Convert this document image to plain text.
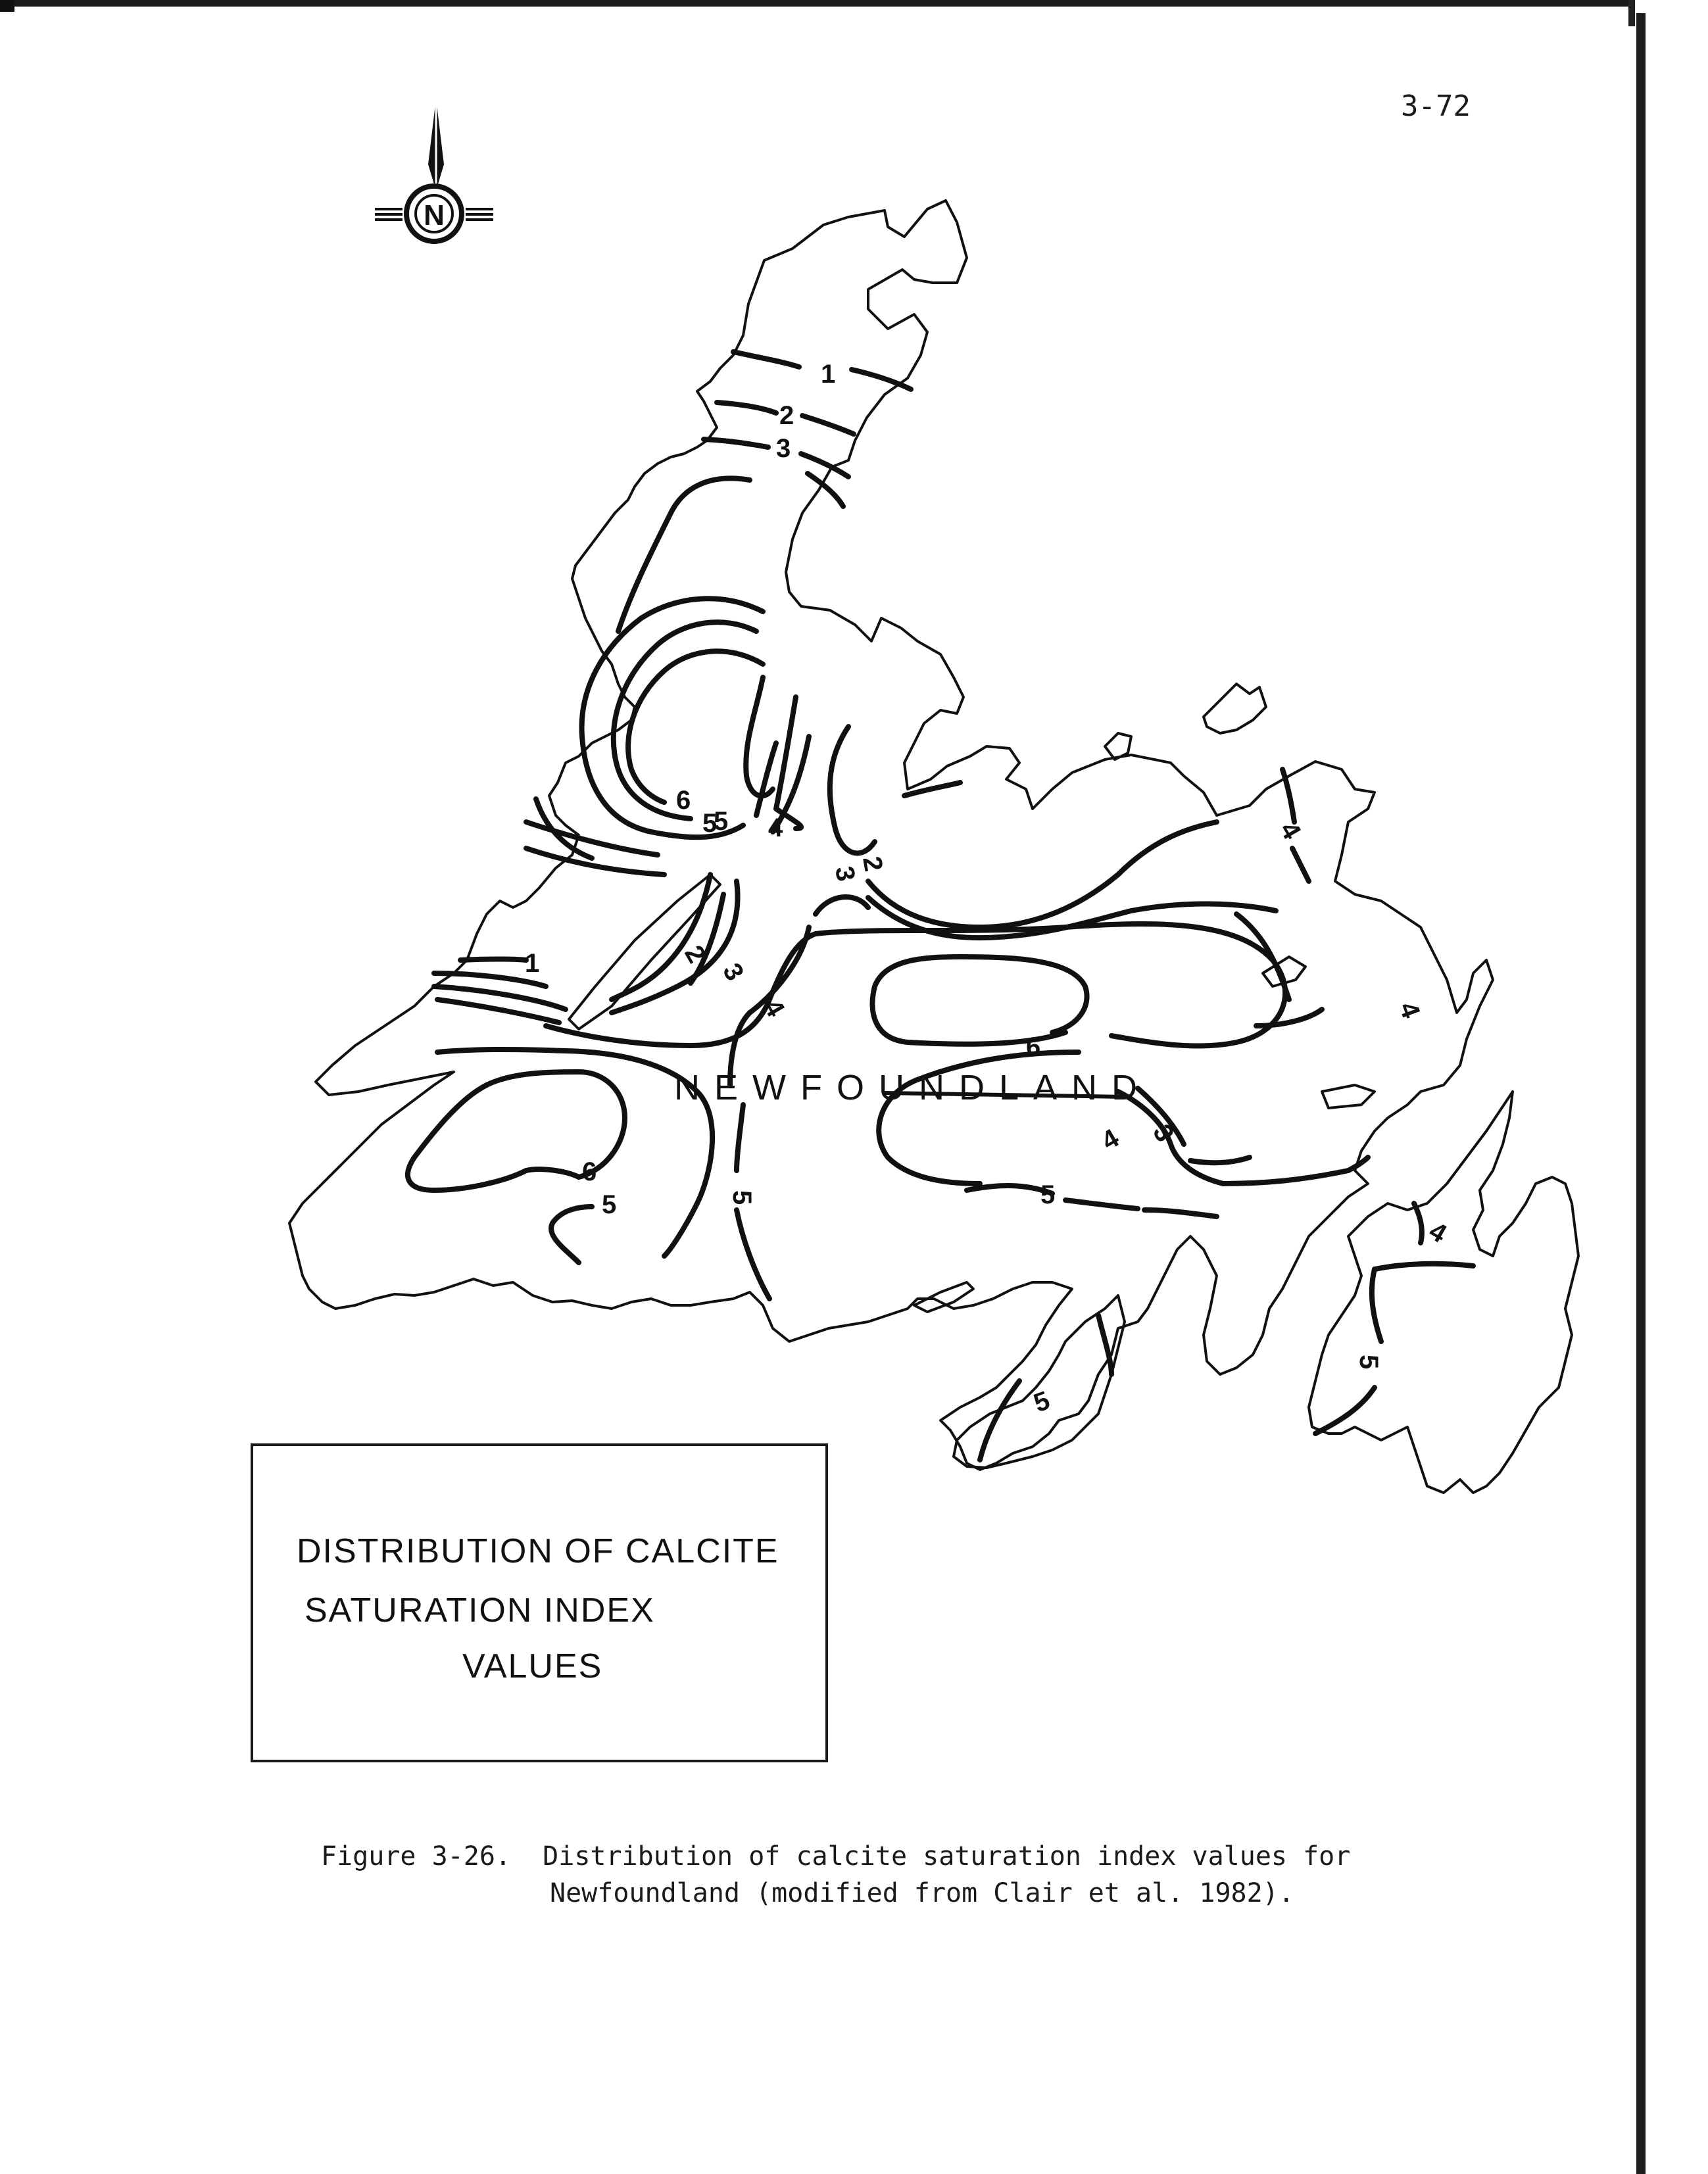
3-72
N
NEWFOUNDLAND
1
2
3
1	2
3
4
5
6
4
5
6
5
6
4 3
4
5
5
5
4
4
5
3
2
DISTRIBUTION OF CALCITE
SATURATION INDEX
VALUES
Figure 3-26.  Distribution of calcite saturation index values for
Newfoundland (modified from Clair et al. 1982).
